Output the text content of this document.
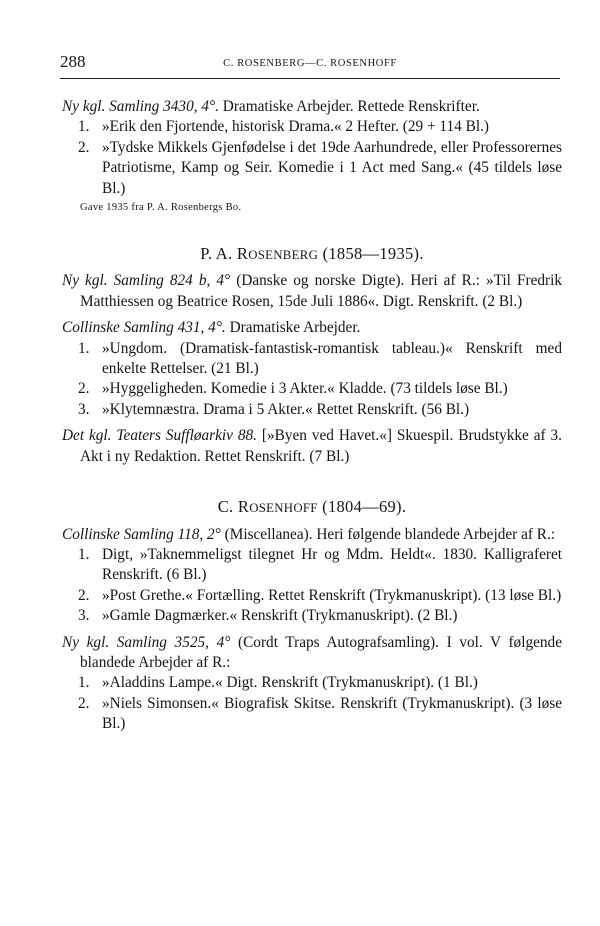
288	C. ROSENBERG—C. ROSENHOFF

Ny kgl. Samling 3430, 4°. Dramatiske Arbejder. Rettede Renskrifter.

1. »Erik den Fjortende, historisk Drama.« 2 Hefter. (29 + 114 Bl.)

2. »Tydske Mikkels Gjenfødelse i det 19de Aarhundrede, eller Professorernes Patriotisme, Kamp og Seir. Komedie i 1 Act med Sang.« (45 tildels løse Bl.)

Gave 1935 fra P. A. Rosenbergs Bo.

P. A. ROSENBERG (1858—1935).

Ny kgl. Samling 824 b, 4° (Danske og norske Digte). Heri af R.: »Til Fredrik Matthiessen og Beatrice Rosen, 15de Juli 1886«. Digt. Renskrift. (2 Bl.)

Collinske Samling 431, 4°. Dramatiske Arbejder.

1. »Ungdom. (Dramatisk-fantastisk-romantisk tableau.)« Renskrift med enkelte Rettelser. (21 Bl.)

2. »Hyggeligheden. Komedie i 3 Akter.« Kladde. (73 tildels løse Bl.)

3. »Klytemnæstra. Drama i 5 Akter.« Rettet Renskrift. (56 Bl.)

Det kgl. Teaters Suffløarkiv 88. [»Byen ved Havet.«] Skuespil. Brudstykke af 3. Akt i ny Redaktion. Rettet Renskrift. (7 Bl.)

C. ROSENHOFF (1804—69).

Collinske Samling 118, 2° (Miscellanea). Heri følgende blandede Arbejder af R.:

1. Digt, »Taknemmeligst tilegnet Hr og Mdm. Heldt«. 1830. Kalligraferet Renskrift. (6 Bl.)

2. »Post Grethe.« Fortælling. Rettet Renskrift (Trykmanuskript). (13 løse Bl.)

3. »Gamle Dagmærker.« Renskrift (Trykmanuskript). (2 Bl.)

Ny kgl. Samling 3525, 4° (Cordt Traps Autografsamling). I vol. V følgende blandede Arbejder af R.:

1. »Aladdins Lampe.« Digt. Renskrift (Trykmanuskript). (1 Bl.)

2. »Niels Simonsen.« Biografisk Skitse. Renskrift (Trykmanuskript). (3 løse Bl.)
